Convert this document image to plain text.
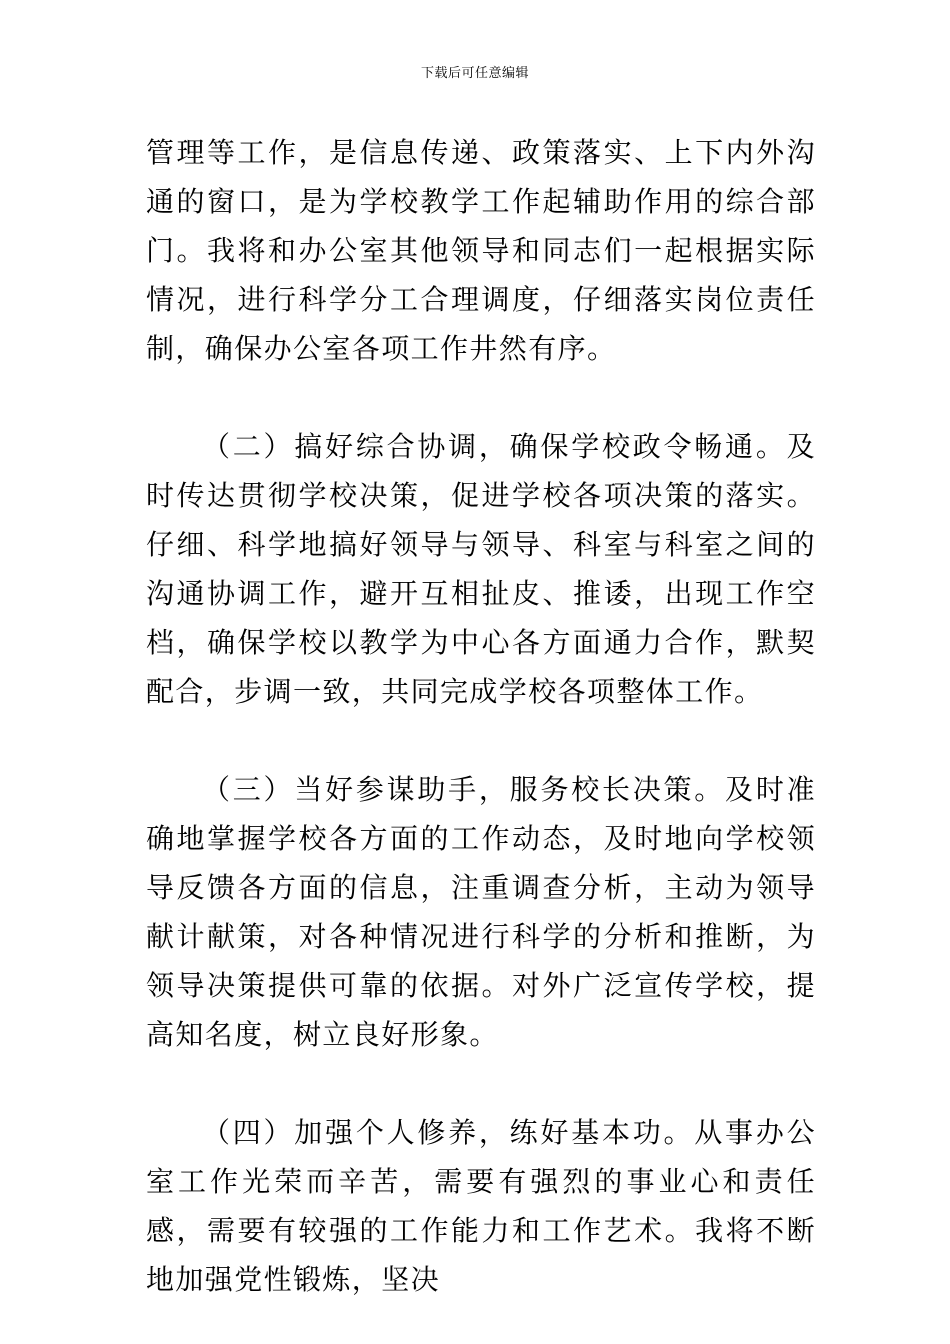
下载后可任意编辑

管理等工作，是信息传递、政策落实、上下内外沟通的窗口，是为学校教学工作起辅助作用的综合部门。我将和办公室其他领导和同志们一起根据实际情况，进行科学分工合理调度，仔细落实岗位责任制，确保办公室各项工作井然有序。

（二）搞好综合协调，确保学校政令畅通。及时传达贯彻学校决策，促进学校各项决策的落实。仔细、科学地搞好领导与领导、科室与科室之间的沟通协调工作，避开互相扯皮、推诿，出现工作空档，确保学校以教学为中心各方面通力合作，默契配合，步调一致，共同完成学校各项整体工作。

（三）当好参谋助手，服务校长决策。及时准确地掌握学校各方面的工作动态，及时地向学校领导反馈各方面的信息，注重调查分析，主动为领导献计献策，对各种情况进行科学的分析和推断，为领导决策提供可靠的依据。对外广泛宣传学校，提高知名度，树立良好形象。

（四）加强个人修养，练好基本功。从事办公室工作光荣而辛苦，需要有强烈的事业心和责任感，需要有较强的工作能力和工作艺术。我将不断地加强党性锻炼，坚决
